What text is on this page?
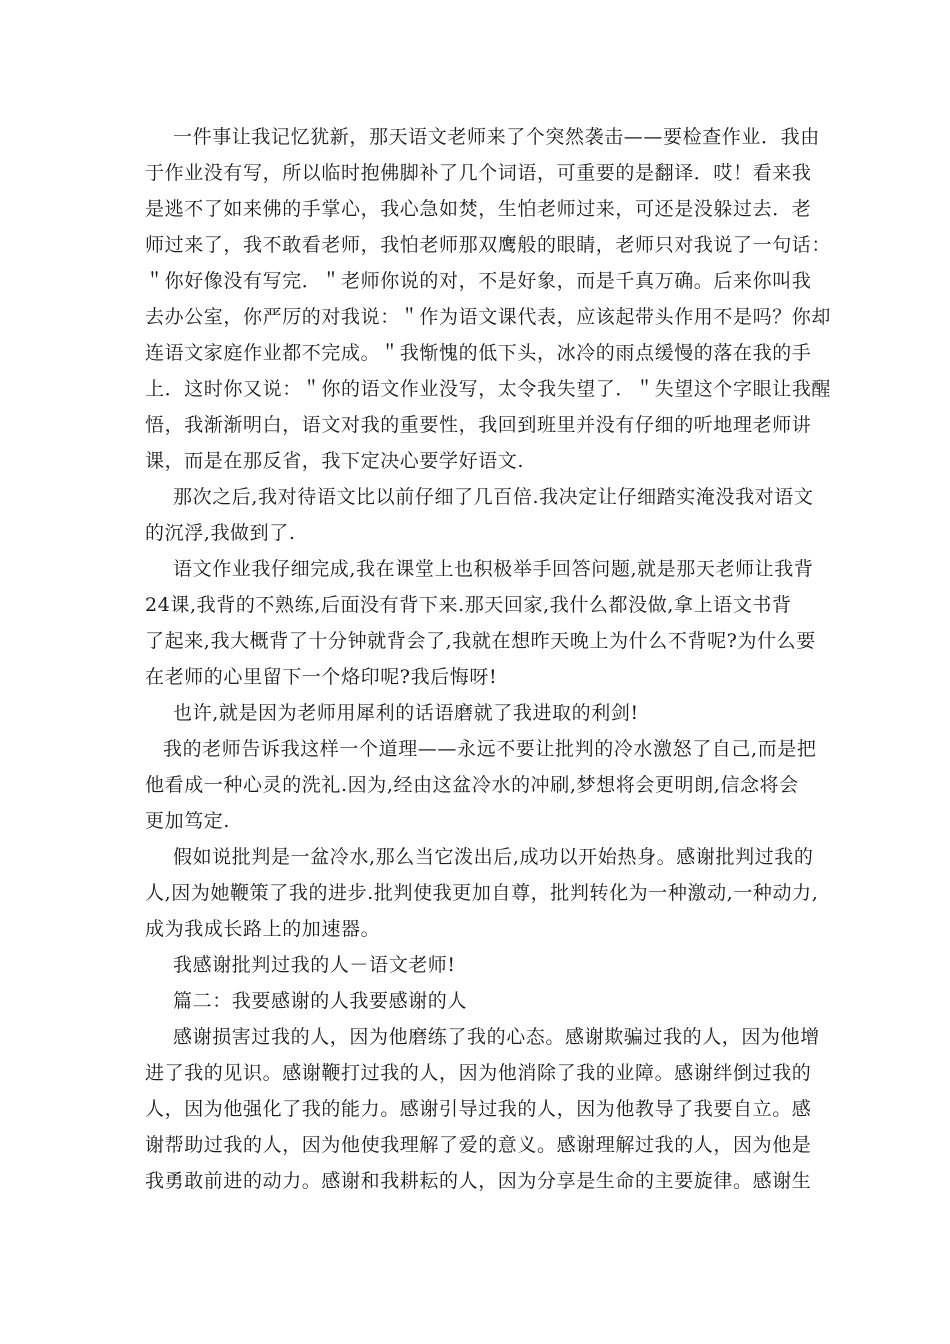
一件事让我记忆犹新，那天语文老师来了个突然袭击——要检查作业．我由
于作业没有写，所以临时抱佛脚补了几个词语，可重要的是翻译．哎！看来我
是逃不了如来佛的手掌心，我心急如焚，生怕老师过来，可还是没躲过去．老
师过来了，我不敢看老师，我怕老师那双鹰般的眼睛，老师只对我说了一句话：
＂你好像没有写完．＂老师你说的对，不是好象，而是千真万确。后来你叫我
去办公室，你严厉的对我说：＂作为语文课代表，应该起带头作用不是吗？你却
连语文家庭作业都不完成。＂我惭愧的低下头，冰冷的雨点缓慢的落在我的手
上．这时你又说：＂你的语文作业没写，太令我失望了．＂失望这个字眼让我醒
悟，我渐渐明白，语文对我的重要性，我回到班里并没有仔细的听地理老师讲
课，而是在那反省，我下定决心要学好语文.
那次之后,我对待语文比以前仔细了几百倍.我决定让仔细踏实淹没我对语文
的沉浮,我做到了.
语文作业我仔细完成,我在课堂上也积极举手回答问题,就是那天老师让我背
24课,我背的不熟练,后面没有背下来.那天回家,我什么都没做,拿上语文书背
了起来,我大概背了十分钟就背会了,我就在想昨天晚上为什么不背呢?为什么要
在老师的心里留下一个烙印呢?我后悔呀!
也许,就是因为老师用犀利的话语磨就了我进取的利剑!
我的老师告诉我这样一个道理——永远不要让批判的冷水激怒了自己,而是把
他看成一种心灵的洗礼.因为,经由这盆冷水的冲刷,梦想将会更明朗,信念将会
更加笃定.
假如说批判是一盆冷水,那么当它泼出后,成功以开始热身。感谢批判过我的
人,因为她鞭策了我的进步.批判使我更加自尊，批判转化为一种激动,一种动力,
成为我成长路上的加速器。
我感谢批判过我的人－语文老师!
篇二：我要感谢的人我要感谢的人
感谢损害过我的人，因为他磨练了我的心态。感谢欺骗过我的人，因为他增
进了我的见识。感谢鞭打过我的人，因为他消除了我的业障。感谢绊倒过我的
人，因为他强化了我的能力。感谢引导过我的人，因为他教导了我要自立。感
谢帮助过我的人，因为他使我理解了爱的意义。感谢理解过我的人，因为他是
我勇敢前进的动力。感谢和我耕耘的人，因为分享是生命的主要旋律。感谢生
